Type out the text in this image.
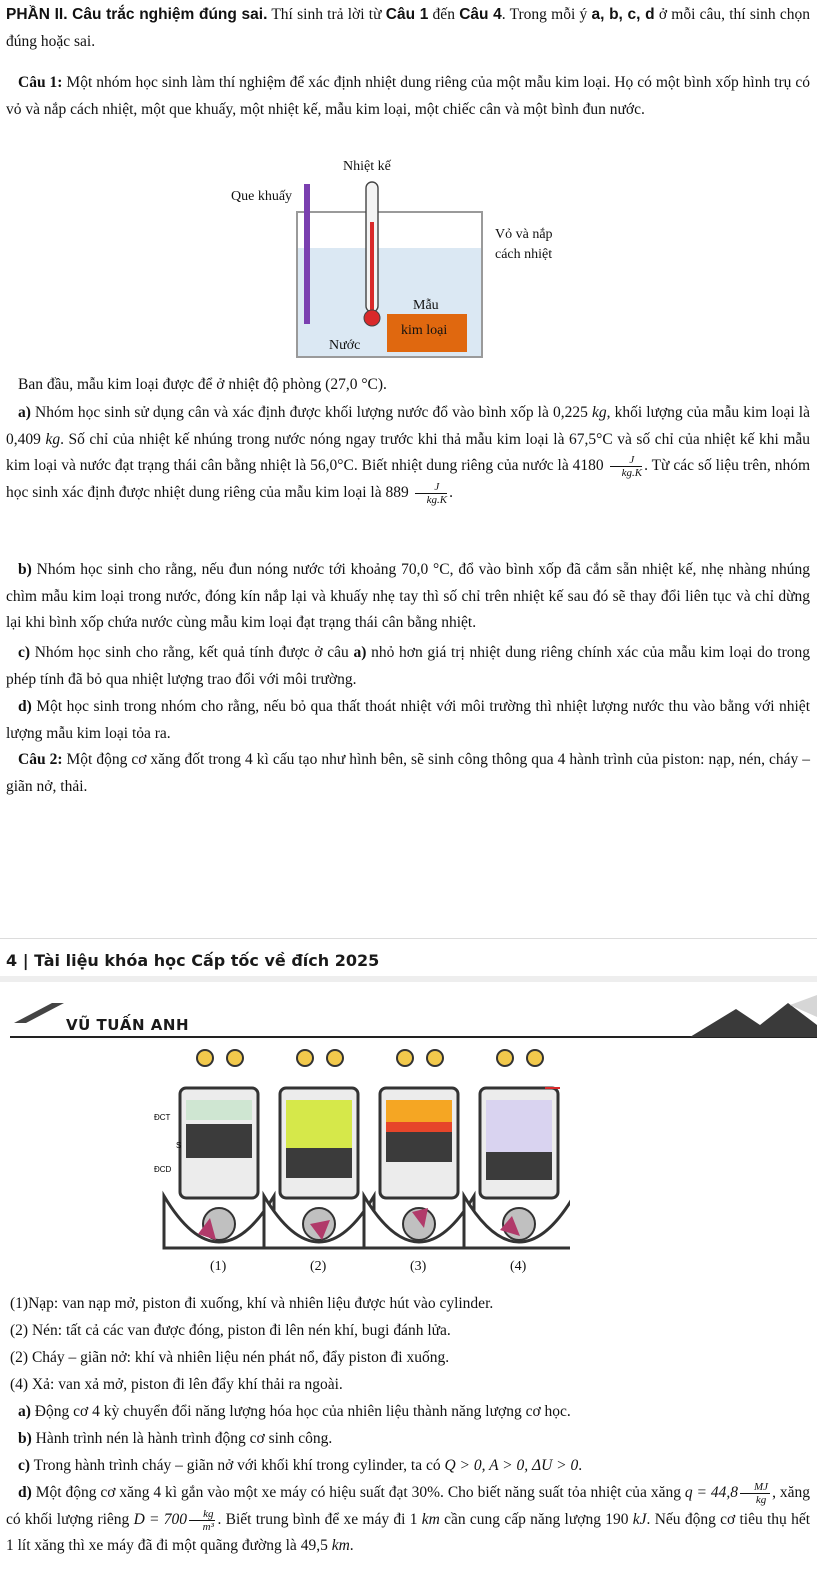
PHẦN II. Câu trắc nghiệm đúng sai. Thí sinh trả lời từ Câu 1 đến Câu 4. Trong mỗi ý a, b, c, d ở mỗi câu, thí sinh chọn đúng hoặc sai.
Câu 1: Một nhóm học sinh làm thí nghiệm để xác định nhiệt dung riêng của một mẫu kim loại. Họ có một bình xốp hình trụ có vỏ và nắp cách nhiệt, một que khuấy, một nhiệt kế, mẫu kim loại, một chiếc cân và một bình đun nước.
Nhiệt kế
Que khuấy
Mẫu
kim loại
Nước
Vỏ và nắp
cách nhiệt
Ban đầu, mẫu kim loại được để ở nhiệt độ phòng (27,0 °C).
a) Nhóm học sinh sử dụng cân và xác định được khối lượng nước đổ vào bình xốp là 0,225 kg, khối lượng của mẫu kim loại là 0,409 kg. Số chỉ của nhiệt kế nhúng trong nước nóng ngay trước khi thả mẫu kim loại là 67,5°C và số chỉ của nhiệt kế khi mẫu kim loại và nước đạt trạng thái cân bằng nhiệt là 56,0°C. Biết nhiệt dung riêng của nước là $4180 \frac{J}{kg.K}$ . Từ các số liệu trên, nhóm học sinh xác định được nhiệt dung riêng của mẫu kim loại là $889 \frac{J}{kg.K}$ .
b) Nhóm học sinh cho rằng, nếu đun nóng nước tới khoảng 70,0 °C, đổ vào bình xốp đã cắm sẵn nhiệt kế, nhẹ nhàng nhúng chìm mẫu kim loại trong nước, đóng kín nắp lại và khuấy nhẹ tay thì số chỉ trên nhiệt kế sau đó sẽ thay đổi liên tục và chỉ dừng lại khi bình xốp chứa nước cùng mẫu kim loại đạt trạng thái cân bằng nhiệt.
c) Nhóm học sinh cho rằng, kết quả tính được ở câu a) nhỏ hơn giá trị nhiệt dung riêng chính xác của mẫu kim loại do trong phép tính đã bỏ qua nhiệt lượng trao đổi với môi trường.
d) Một học sinh trong nhóm cho rằng, nếu bỏ qua thất thoát nhiệt với môi trường thì nhiệt lượng nước thu vào bằng với nhiệt lượng mẫu kim loại tỏa ra.
Câu 2: Một động cơ xăng đốt trong 4 kì cấu tạo như hình bên, sẽ sinh công thông qua 4 hành trình của piston: nạp, nén, cháy – giãn nở, thải.
4 | Tài liệu khóa học Cấp tốc về đích 2025
VŨ TUẤN ANH
ĐCT
S
ĐCD
(1)	(2)	(3)	(4)
(1)Nạp: van nạp mở, piston đi xuống, khí và nhiên liệu được hút vào cylinder.
(2) Nén: tất cả các van được đóng, piston đi lên nén khí, bugi đánh lửa.
(2) Cháy – giãn nở: khí và nhiên liệu nén phát nổ, đẩy piston đi xuống.
(4) Xả: van xả mở, piston đi lên đẩy khí thải ra ngoài.
a) Động cơ 4 kỳ chuyển đổi năng lượng hóa học của nhiên liệu thành năng lượng cơ học.
b) Hành trình nén là hành trình động cơ sinh công.
c) Trong hành trình cháy – giãn nở với khối khí trong cylinder, ta có Q > 0, A > 0, ΔU > 0.
d) Một động cơ xăng 4 kì gắn vào một xe máy có hiệu suất đạt 30%. Cho biết năng suất tỏa nhiệt của xăng $q = 44,8 \frac{MJ}{kg}$ , xăng có khối lượng riêng $D = 700 \frac{kg}{\text{m³}}$ . Biết trung bình để xe máy đi 1 km cần cung cấp năng lượng 190 kJ. Nếu động cơ tiêu thụ hết 1 lít xăng thì xe máy đã đi một quãng đường là 49,5 km.
